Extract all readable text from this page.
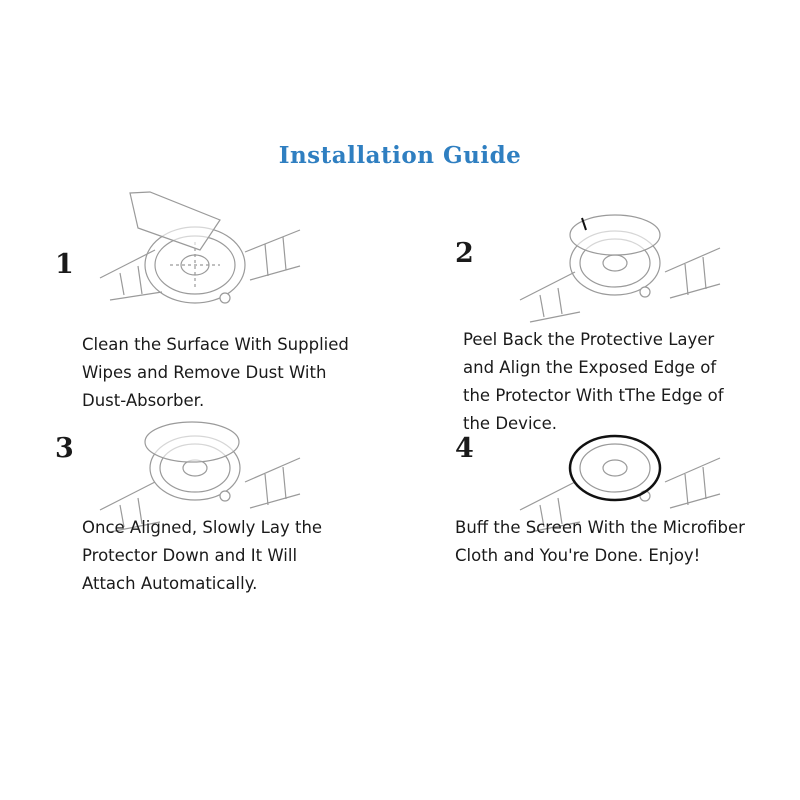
Installation Guide
1	2
3	4
Clean the Surface With Supplied
Wipes and Remove Dust With
Dust-Absorber.
Peel Back the Protective Layer
and Align the Exposed Edge of
the Protector With tThe Edge of
the Device.
Once Aligned, Slowly Lay the
Protector Down and It Will
Attach Automatically.
Buff the Screen With the Microfiber
Cloth and You're Done. Enjoy!
